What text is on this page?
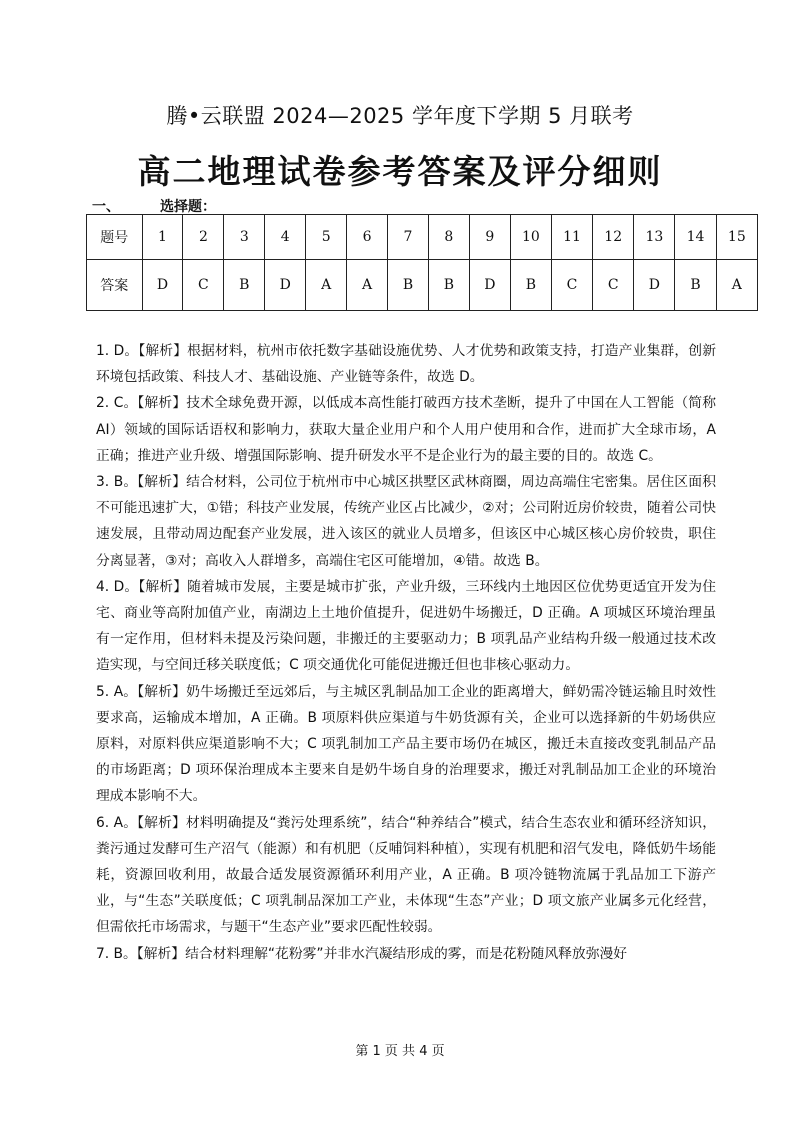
腾•云联盟 2024—2025 学年度下学期 5 月联考
高二地理试卷参考答案及评分细则
一、	选择题：
题号	1	2	3	4	5	6	7	8	9	10	11	12	13	14	15
答案	D	C	B	D	A	A	B	B	D	B	C	C	D	B	A

1. D。【解析】根据材料，杭州市依托数字基础设施优势、人才优势和政策支持，打造产业集群，创新环境包括政策、科技人才、基础设施、产业链等条件，故选 D。

2. C。【解析】技术全球免费开源，以低成本高性能打破西方技术垄断，提升了中国在人工智能（简称 AI）领域的国际话语权和影响力，获取大量企业用户和个人用户使用和合作，进而扩大全球市场，A 正确；推进产业升级、增强国际影响、提升研发水平不是企业行为的最主要的目的。故选 C。

3. B。【解析】结合材料，公司位于杭州市中心城区拱墅区武林商圈，周边高端住宅密集。居住区面积不可能迅速扩大，①错；科技产业发展，传统产业区占比减少，②对；公司附近房价较贵，随着公司快速发展，且带动周边配套产业发展，进入该区的就业人员增多，但该区中心城区核心房价较贵，职住分离显著，③对；高收入人群增多，高端住宅区可能增加，④错。故选 B。

4. D。【解析】随着城市发展，主要是城市扩张，产业升级，三环线内土地因区位优势更适宜开发为住宅、商业等高附加值产业，南湖边上土地价值提升，促进奶牛场搬迁，D 正确。A 项城区环境治理虽有一定作用，但材料未提及污染问题，非搬迁的主要驱动力；B 项乳品产业结构升级一般通过技术改造实现，与空间迁移关联度低；C 项交通优化可能促进搬迁但也非核心驱动力。

5. A。【解析】奶牛场搬迁至远郊后，与主城区乳制品加工企业的距离增大，鲜奶需冷链运输且时效性要求高，运输成本增加，A 正确。B 项原料供应渠道与牛奶货源有关，企业可以选择新的牛奶场供应原料，对原料供应渠道影响不大；C 项乳制加工产品主要市场仍在城区，搬迁未直接改变乳制品产品的市场距离；D 项环保治理成本主要来自是奶牛场自身的治理要求，搬迁对乳制品加工企业的环境治理成本影响不大。

6. A。【解析】材料明确提及“粪污处理系统”，结合“种养结合”模式，结合生态农业和循环经济知识，粪污通过发酵可生产沼气（能源）和有机肥（反哺饲料种植），实现有机肥和沼气发电，降低奶牛场能耗，资源回收利用，故最合适发展资源循环利用产业，A 正确。B 项冷链物流属于乳品加工下游产业，与“生态”关联度低；C 项乳制品深加工产业，未体现“生态”产业；D 项文旅产业属多元化经营，但需依托市场需求，与题干“生态产业”要求匹配性较弱。

7. B。【解析】结合材料理解“花粉雾”并非水汽凝结形成的雾，而是花粉随风释放弥漫好

第 1 页 共 4 页
